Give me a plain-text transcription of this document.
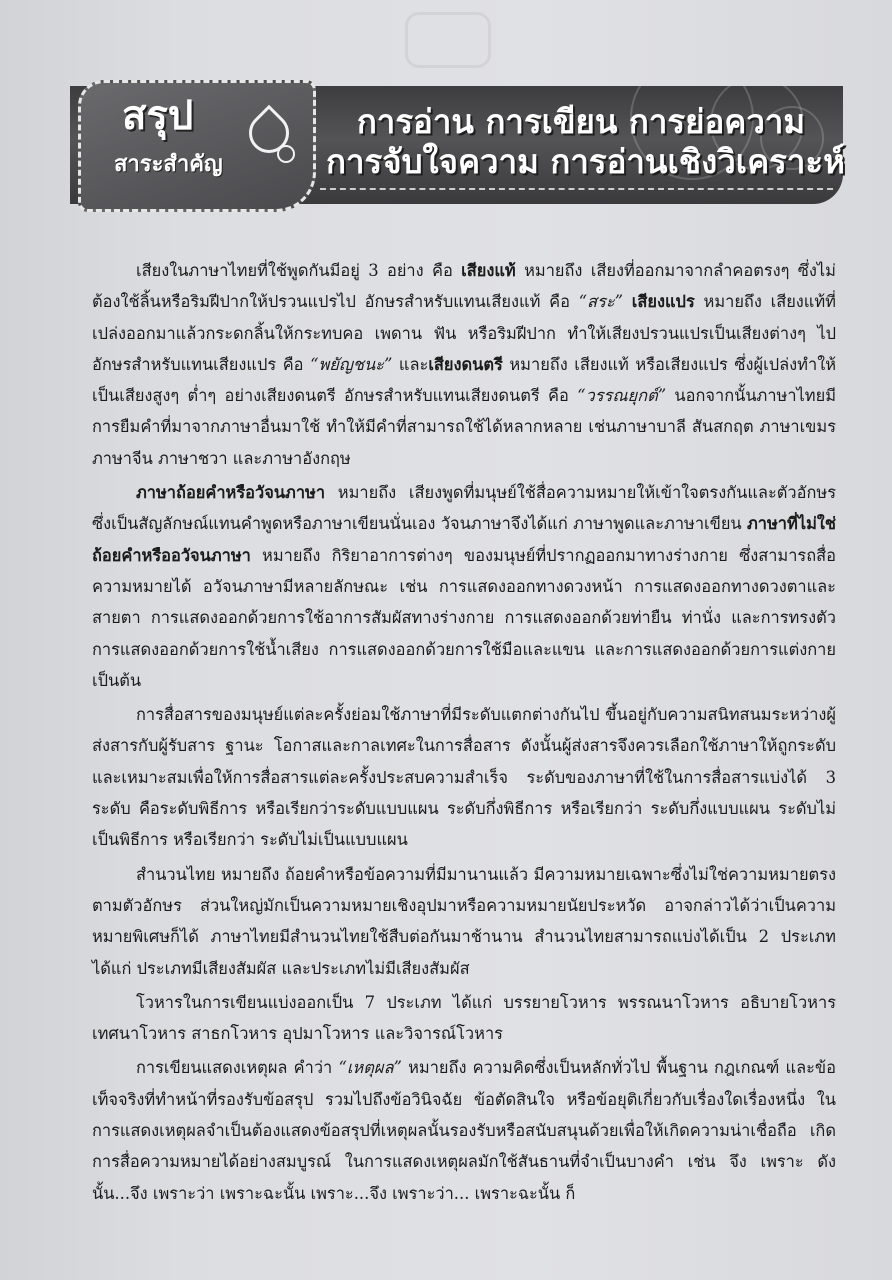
สรุป
สาระสำคัญ
การอ่าน การเขียน การย่อความ
การจับใจความ การอ่านเชิงวิเคราะห์

เสียงในภาษาไทยที่ใช้พูดกันมีอยู่ 3 อย่าง คือ เสียงแท้ หมายถึง เสียงที่ออกมาจากลำคอตรงๆ ซึ่งไม่ต้องใช้ลิ้นหรือริมฝีปากให้ปรวนแปรไป อักษรสำหรับแทนเสียงแท้ คือ “สระ” เสียงแปร หมายถึง เสียงแท้ที่เปล่งออกมาแล้วกระดกลิ้นให้กระทบคอ เพดาน ฟัน หรือริมฝีปาก ทำให้เสียงปรวนแปรเป็นเสียงต่างๆ ไป อักษรสำหรับแทนเสียงแปร คือ “พยัญชนะ” และเสียงดนตรี หมายถึง เสียงแท้ หรือเสียงแปร ซึ่งผู้เปล่งทำให้เป็นเสียงสูงๆ ต่ำๆ อย่างเสียงดนตรี อักษรสำหรับแทนเสียงดนตรี คือ “วรรณยุกต์” นอกจากนั้นภาษาไทยมีการยืมคำที่มาจากภาษาอื่นมาใช้ ทำให้มีคำที่สามารถใช้ได้หลากหลาย เช่นภาษาบาลี สันสกฤต ภาษาเขมร ภาษาจีน ภาษาชวา และภาษาอังกฤษ

ภาษาถ้อยคำหรือวัจนภาษา หมายถึง เสียงพูดที่มนุษย์ใช้สื่อความหมายให้เข้าใจตรงกันและตัวอักษรซึ่งเป็นสัญลักษณ์แทนคำพูดหรือภาษาเขียนนั่นเอง วัจนภาษาจึงได้แก่ ภาษาพูดและภาษาเขียน ภาษาที่ไม่ใช่ถ้อยคำหรืออวัจนภาษา หมายถึง กิริยาอาการต่างๆ ของมนุษย์ที่ปรากฏออกมาทางร่างกาย ซึ่งสามารถสื่อความหมายได้ อวัจนภาษามีหลายลักษณะ เช่น การแสดงออกทางดวงหน้า การแสดงออกทางดวงตาและสายตา การแสดงออกด้วยการใช้อาการสัมผัสทางร่างกาย การแสดงออกด้วยท่ายืน ท่านั่ง และการทรงตัว การแสดงออกด้วยการใช้น้ำเสียง การแสดงออกด้วยการใช้มือและแขน และการแสดงออกด้วยการแต่งกาย เป็นต้น

การสื่อสารของมนุษย์แต่ละครั้งย่อมใช้ภาษาที่มีระดับแตกต่างกันไป ขึ้นอยู่กับความสนิทสนมระหว่างผู้ส่งสารกับผู้รับสาร ฐานะ โอกาสและกาลเทศะในการสื่อสาร ดังนั้นผู้ส่งสารจึงควรเลือกใช้ภาษาให้ถูกระดับและเหมาะสมเพื่อให้การสื่อสารแต่ละครั้งประสบความสำเร็จ ระดับของภาษาที่ใช้ในการสื่อสารแบ่งได้ 3 ระดับ คือระดับพิธีการ หรือเรียกว่าระดับแบบแผน ระดับกึ่งพิธีการ หรือเรียกว่า ระดับกึ่งแบบแผน ระดับไม่เป็นพิธีการ หรือเรียกว่า ระดับไม่เป็นแบบแผน

สำนวนไทย หมายถึง ถ้อยคำหรือข้อความที่มีมานานแล้ว มีความหมายเฉพาะซึ่งไม่ใช่ความหมายตรงตามตัวอักษร ส่วนใหญ่มักเป็นความหมายเชิงอุปมาหรือความหมายนัยประหวัด อาจกล่าวได้ว่าเป็นความหมายพิเศษก็ได้ ภาษาไทยมีสำนวนไทยใช้สืบต่อกันมาช้านาน สำนวนไทยสามารถแบ่งได้เป็น 2 ประเภท ได้แก่ ประเภทมีเสียงสัมผัส และประเภทไม่มีเสียงสัมผัส

โวหารในการเขียนแบ่งออกเป็น 7 ประเภท ได้แก่ บรรยายโวหาร พรรณนาโวหาร อธิบายโวหาร เทศนาโวหาร สาธกโวหาร อุปมาโวหาร และวิจารณ์โวหาร

การเขียนแสดงเหตุผล คำว่า “เหตุผล” หมายถึง ความคิดซึ่งเป็นหลักทั่วไป พื้นฐาน กฎเกณฑ์ และข้อเท็จจริงที่ทำหน้าที่รองรับข้อสรุป รวมไปถึงข้อวินิจฉัย ข้อตัดสินใจ หรือข้อยุติเกี่ยวกับเรื่องใดเรื่องหนึ่ง ในการแสดงเหตุผลจำเป็นต้องแสดงข้อสรุปที่เหตุผลนั้นรองรับหรือสนับสนุนด้วยเพื่อให้เกิดความน่าเชื่อถือ เกิดการสื่อความหมายได้อย่างสมบูรณ์ ในการแสดงเหตุผลมักใช้สันธานที่จำเป็นบางคำ เช่น จึง เพราะ ดังนั้น...จึง เพราะว่า เพราะฉะนั้น เพราะ...จึง เพราะว่า... เพราะฉะนั้น ก็
